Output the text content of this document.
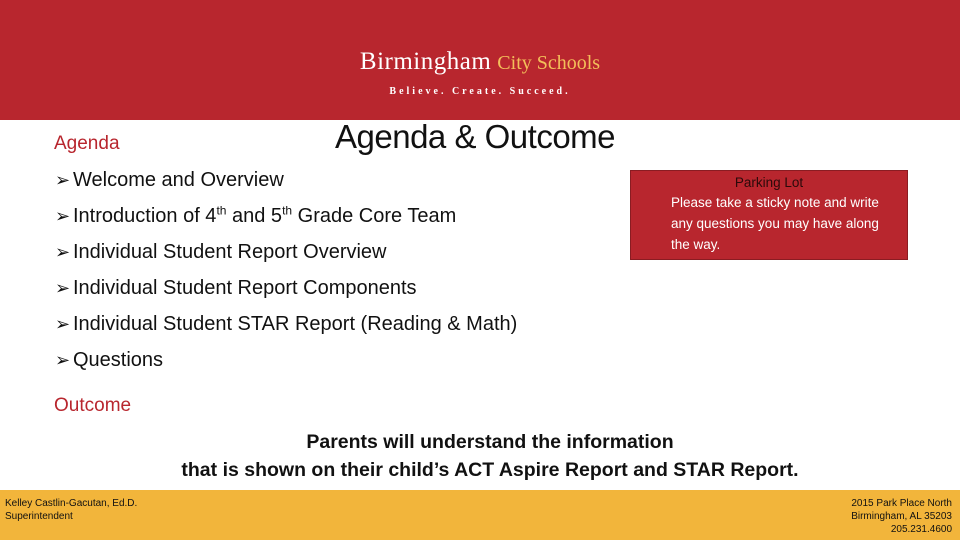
Birmingham City Schools
Believe. Create. Succeed.
Agenda & Outcome
Agenda
➢ Welcome and Overview
➢ Introduction of 4th and 5th Grade Core Team
➢ Individual Student Report Overview
➢ Individual Student Report Components
➢ Individual Student STAR Report (Reading & Math)
➢ Questions
Parking Lot
Please take a sticky note and write any questions you may have along the way.
Outcome
Parents will understand the information
that is shown on their child’s ACT Aspire Report and STAR Report.
Kelley Castlin-Gacutan, Ed.D.
Superintendent
2015 Park Place North
Birmingham, AL 35203
205.231.4600
